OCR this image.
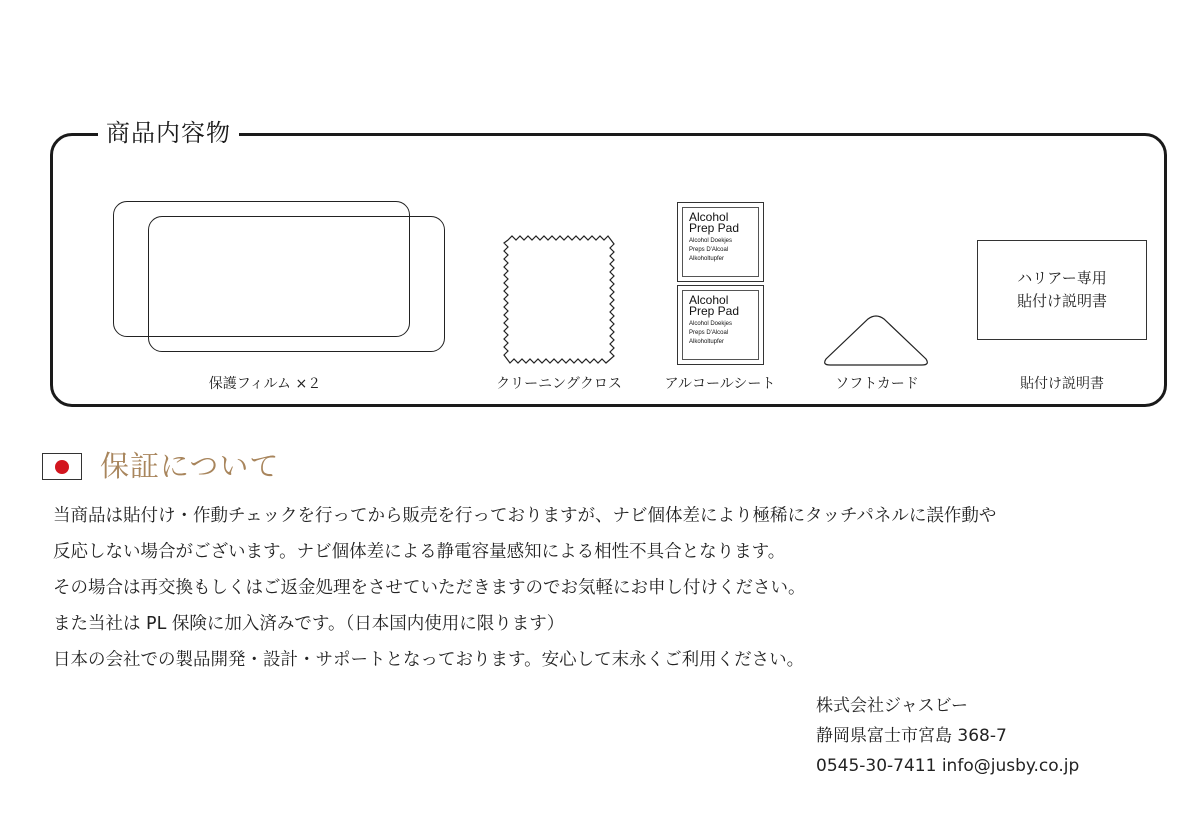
商品内容物
保護フィルム ×２	クリーニングクロス
Alcohol
Prep Pad
Alcohol Doekjes
Preps D'Alcoal
Alkoholtupfer
Alcohol
Prep Pad
Alcohol Doekjes
Preps D'Alcoal
Alkoholtupfer
アルコールシート	ソフトカード
ハリアー専用
貼付け説明書
貼付け説明書
保証について
当商品は貼付け・作動チェックを行ってから販売を行っておりますが、ナビ個体差により極稀にタッチパネルに誤作動や
反応しない場合がございます。ナビ個体差による静電容量感知による相性不具合となります。
その場合は再交換もしくはご返金処理をさせていただきますのでお気軽にお申し付けください。
また当社は PL 保険に加入済みです。（日本国内使用に限ります）
日本の会社での製品開発・設計・サポートとなっております。安心して末永くご利用ください。
株式会社ジャスビー
静岡県富士市宮島 368-7
0545-30-7411 info@jusby.co.jp
